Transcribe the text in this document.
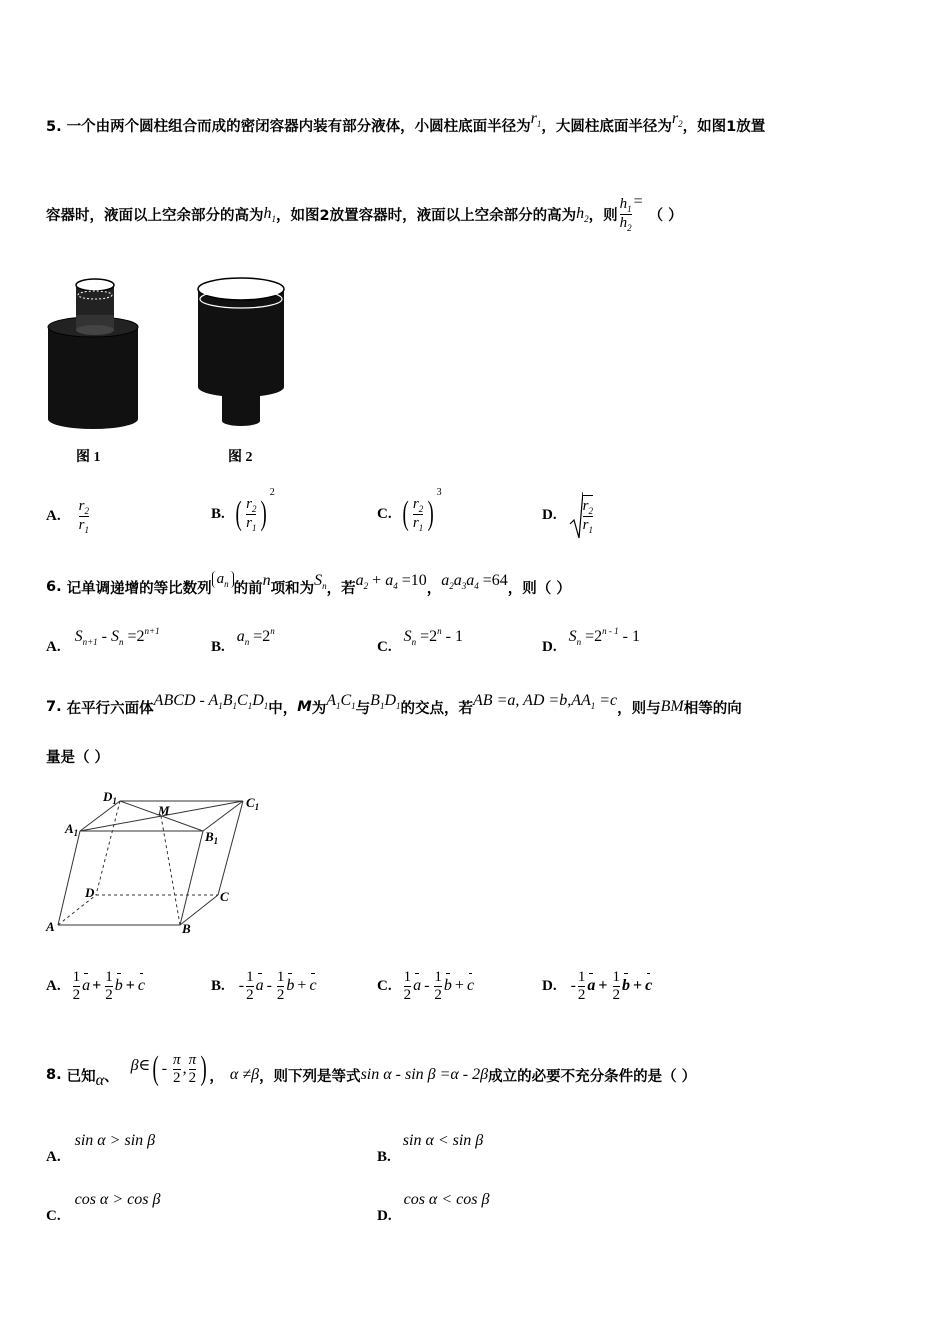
5. 一个由两个圆柱组合而成的密闭容器内装有部分液体，小圆柱底面半径为$r_1$，大圆柱底面半径为$r_2$，如图1放置
容器时，液面以上空余部分的高为 $h_1$ ，如图2放置容器时，液面以上空余部分的高为 $h_2$ ，则 $\frac{h_1}{h_2}$ =
（ ）
图 1	图 2
A. $\frac{r_2}{r_1}$	B. ( $\frac{r_2}{r_1}$ )
2
C. ( $\frac{r_2}{r_1}$ )
3
D. $\frac{r_2}{r_1}$
6.
记单调递增的等比数列
$a_n$ 的前 n 项和为 $S_n$ ，若 $a_2 + a_4 =10$ ， $a_2a_3a_4 =64$ ，则（ ）
A.
$S_{n+1} - S_n =2^{n+1}$
B.
$a_n =2^n$
C.
$S_n =2^n - 1$
D.
$S_n =2^{n - 1} - 1$
7.
在平行六面体 ABCD - $A_1B_1C_1D_1$ 中， M 为 $A_1C_1$ 与 $B_1D_1$ 的交点，若 AB =a, AD =b , $AA_1 =c$ ，则与 BM 相等的向
量是（ ）
$D_1$
M
$C_1$
$A_1$	$B_1$
D	C
A	B
A. $\frac{1}{2}$ $a + \frac{1}{2}$ b + c	B. - $\frac{1}{2}$ a - $\frac{1}{2}$ b + c	C. $\frac{1}{2}$ a - $\frac{1}{2}$ b + c	D. - $\frac{1}{2}$ $a + \frac{1}{2}$ b + c
8.
已知 α 、
β∈ ( - $\frac{\pi}{2}$ , $\frac{\pi}{2}$ ) ， α ≠β ，则下列是等式 sin α - sin β =α - 2β 成立的必要不充分条件的是（ ）
A.
sin α > sin β
B.
sin α < sin β
C.
cos α > cos β
D.
cos α < cos β
